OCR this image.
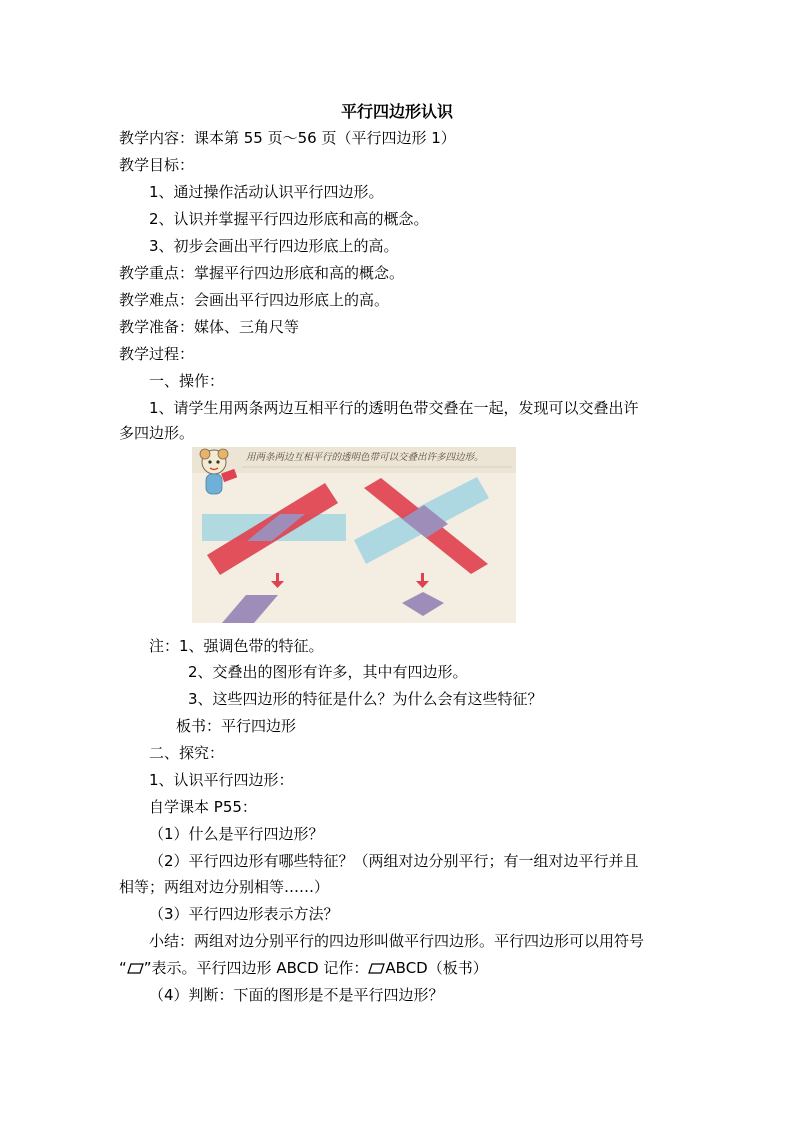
平行四边形认识
教学内容：课本第 55 页～56 页（平行四边形 1）
教学目标：
1、通过操作活动认识平行四边形。
2、认识并掌握平行四边形底和高的概念。
3、初步会画出平行四边形底上的高。
教学重点：掌握平行四边形底和高的概念。
教学难点：会画出平行四边形底上的高。
教学准备：媒体、三角尺等
教学过程：
一、操作：
1、请学生用两条两边互相平行的透明色带交叠在一起，发现可以交叠出许
多四边形。
用两条两边互相平行的透明色带可以交叠出许多四边形。
注：1、强调色带的特征。
2、交叠出的图形有许多，其中有四边形。
3、这些四边形的特征是什么？为什么会有这些特征？
板书：平行四边形
二、探究：
1、认识平行四边形：
自学课本 P55：
（1）什么是平行四边形？
（2）平行四边形有哪些特征？（两组对边分别平行；有一组对边平行并且
相等；两组对边分别相等……）
（3）平行四边形表示方法？
小结：两组对边分别平行的四边形叫做平行四边形。平行四边形可以用符号
“ ”表示。平行四边形 ABCD 记作： ABCD（板书）
（4）判断：下面的图形是不是平行四边形？
